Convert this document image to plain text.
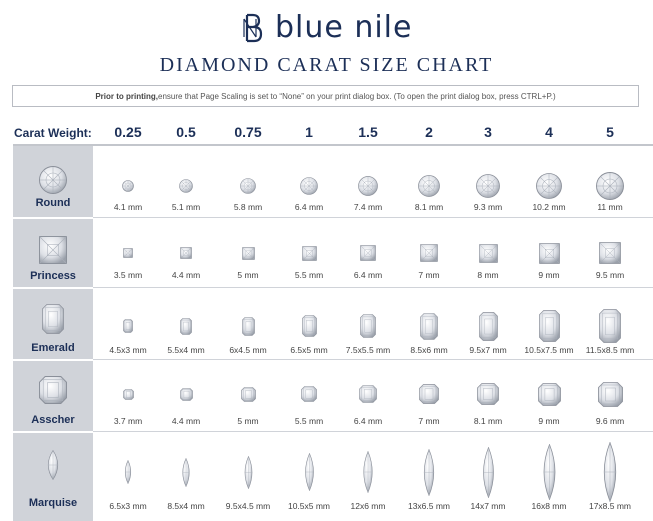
blue nile
DIAMOND CARAT SIZE CHART
Prior to printing, ensure that Page Scaling is set to “None” on your print dialog box. (To open the print dialog box, press CTRL+P.)
Carat Weight:	0.25	0.5	0.75	1	1.5	2	3	4	5
Round	4.1 mm	5.1 mm	5.8 mm	6.4 mm	7.4 mm	8.1 mm	9.3 mm	10.2 mm	11 mm
Princess	3.5 mm	4.4 mm	5 mm	5.5 mm	6.4 mm	7 mm	8 mm	9 mm	9.5 mm
Emerald	4.5x3 mm	5.5x4 mm	6x4.5 mm	6.5x5 mm	7.5x5.5 mm	8.5x6 mm	9.5x7 mm	10.5x7.5 mm	11.5x8.5 mm
Asscher	3.7 mm	4.4 mm	5 mm	5.5 mm	6.4 mm	7 mm	8.1 mm	9 mm	9.6 mm
Marquise	6.5x3 mm	8.5x4 mm	9.5x4.5 mm	10.5x5 mm	12x6 mm	13x6.5 mm	14x7 mm	16x8 mm	17x8.5 mm
